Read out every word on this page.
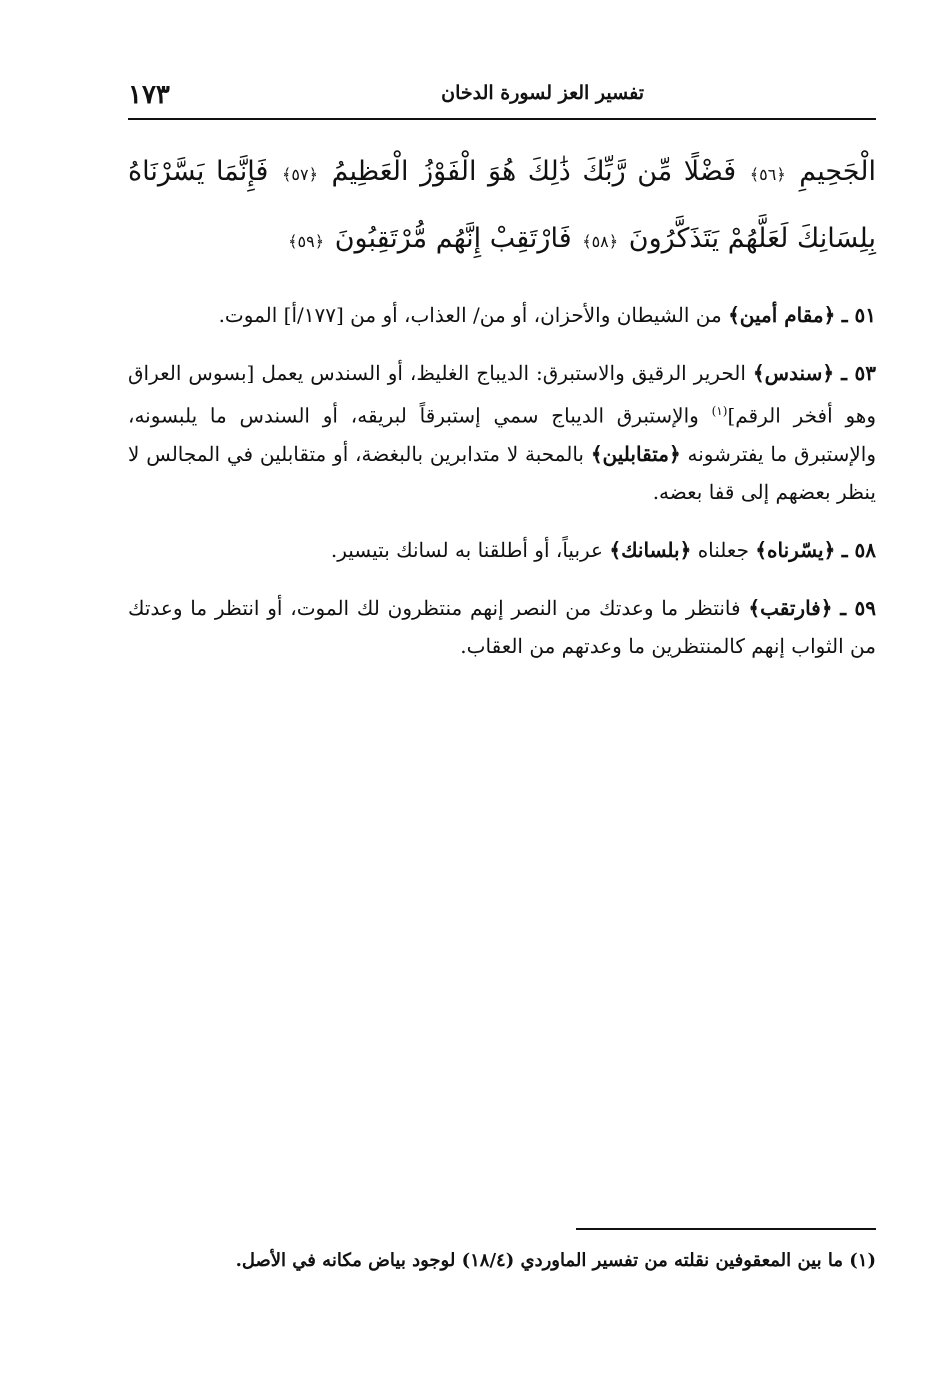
تفسير العز لسورة الدخان
١٧٣
الْجَحِيمِ ﴿٥٦﴾ فَضْلًا مِّن رَّبِّكَ ذَٰلِكَ هُوَ الْفَوْزُ الْعَظِيمُ ﴿٥٧﴾ فَإِنَّمَا يَسَّرْنَاهُ بِلِسَانِكَ لَعَلَّهُمْ يَتَذَكَّرُونَ ﴿٥٨﴾ فَارْتَقِبْ إِنَّهُم مُّرْتَقِبُونَ ﴿٥٩﴾

٥١ ـ ﴿مقام أمين﴾ من الشيطان والأحزان، أو من/ العذاب، أو من [١٧٧/أ] الموت.

٥٣ ـ ﴿سندس﴾ الحرير الرقيق والاستبرق: الديباج الغليظ، أو السندس يعمل [بسوس العراق وهو أفخر الرقم]$^{(١)}$ والإستبرق الديباج سمي إستبرقاً لبريقه، أو السندس ما يلبسونه، والإستبرق ما يفترشونه ﴿متقابلين﴾ بالمحبة لا متدابرين بالبغضة، أو متقابلين في المجالس لا ينظر بعضهم إلى قفا بعضه.

٥٨ ـ ﴿يسّرناه﴾ جعلناه ﴿بلسانك﴾ عربياً، أو أطلقنا به لسانك بتيسير.

٥٩ ـ ﴿فارتقب﴾ فانتظر ما وعدتك من النصر إنهم منتظرون لك الموت، أو انتظر ما وعدتك من الثواب إنهم كالمنتظرين ما وعدتهم من العقاب.

(١) ما بين المعقوفين نقلته من تفسير الماوردي (١٨/٤) لوجود بياض مكانه في الأصل.
